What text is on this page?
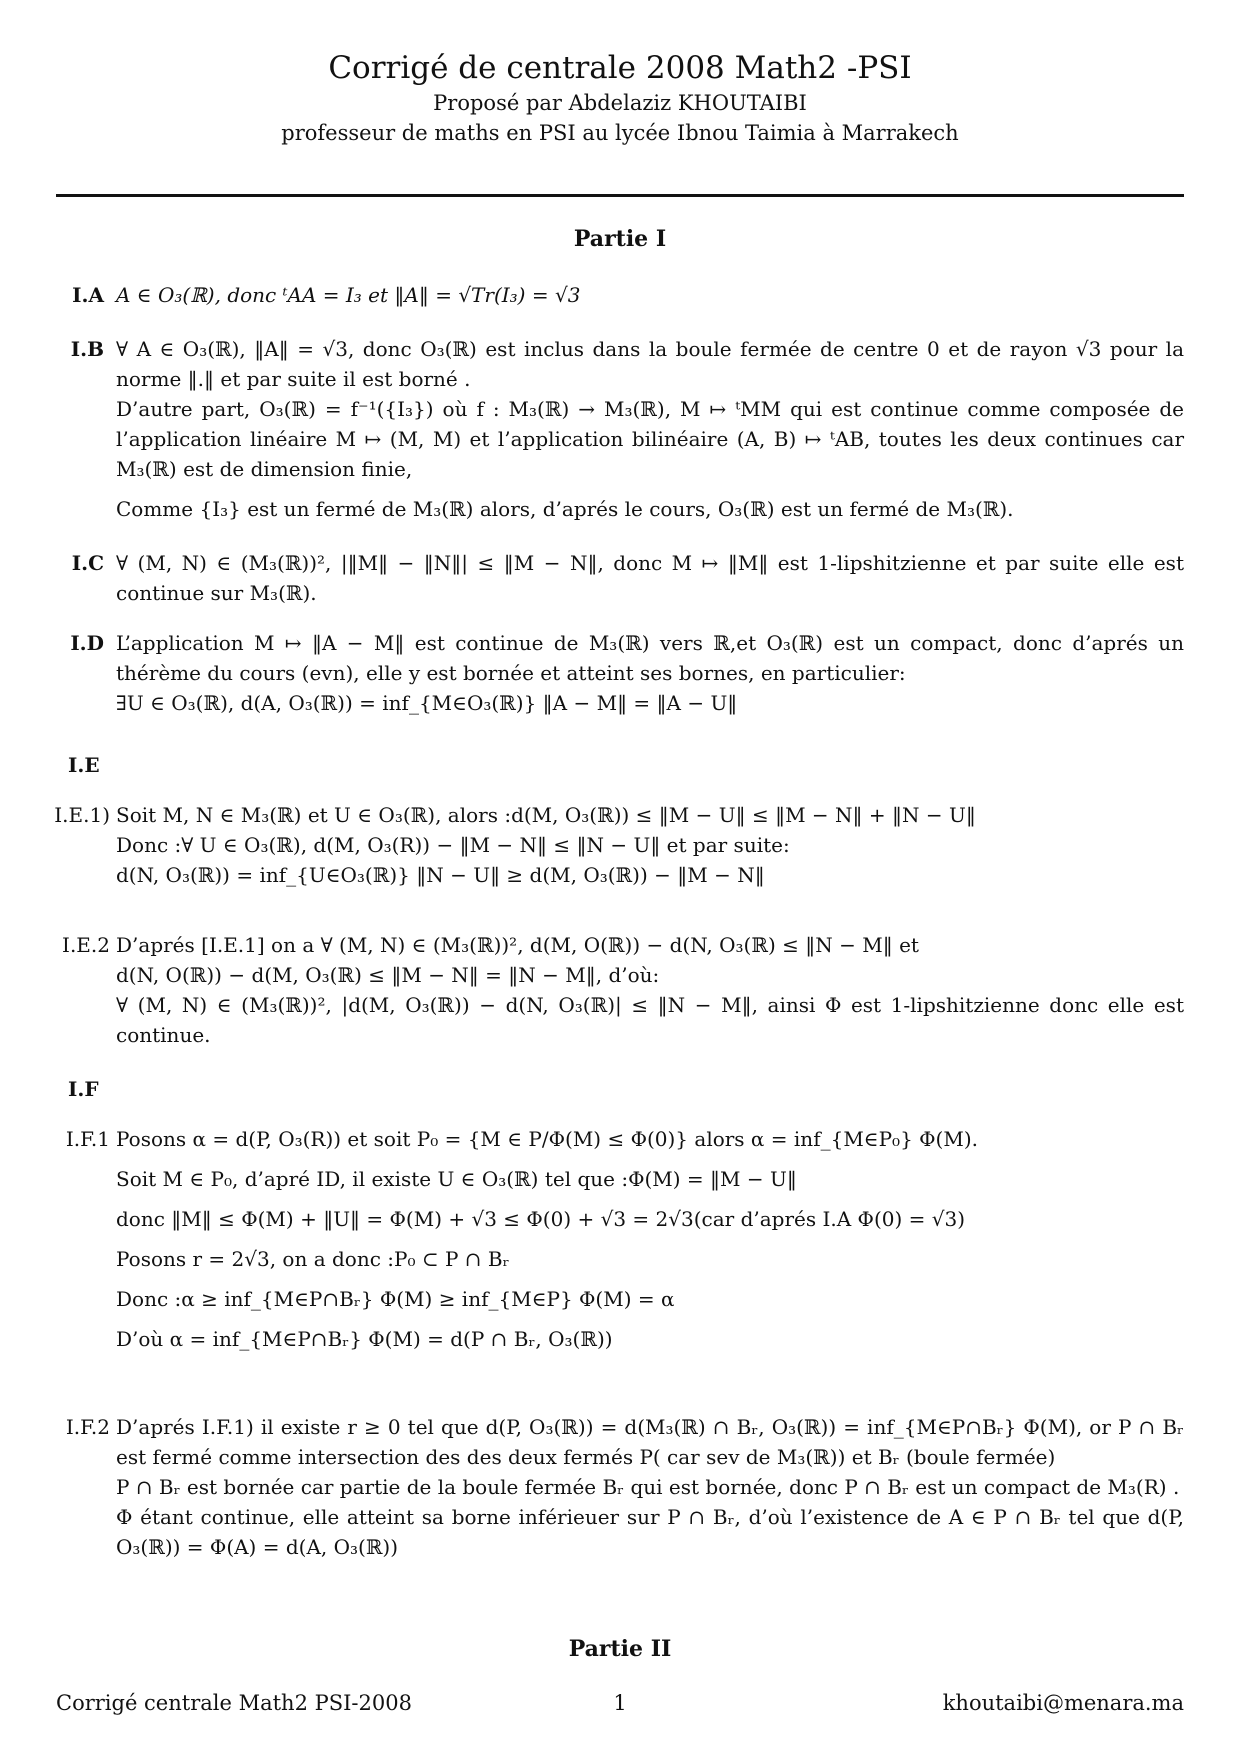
Corrigé de centrale 2008 Math2 -PSI
Proposé par Abdelaziz KHOUTAIBI
professeur de maths en PSI au lycée Ibnou Taimia à Marrakech
Partie I
I.A A ∈ O₃(ℝ), donc ᵗAA = I₃ et ‖A‖ = √Tr(I₃) = √3

I.B ∀ A ∈ O₃(ℝ), ‖A‖ = √3, donc O₃(ℝ) est inclus dans la boule fermée de centre 0 et de rayon √3 pour la norme ‖.‖ et par suite il est borné .

D’autre part, O₃(ℝ) = f⁻¹({I₃}) où f : M₃(ℝ) → M₃(ℝ), M ↦ ᵗMM qui est continue comme composée de l’application linéaire M ↦ (M, M) et l’application bilinéaire (A, B) ↦ ᵗAB, toutes les deux continues car M₃(ℝ) est de dimension finie,

Comme {I₃} est un fermé de M₃(ℝ) alors, d’aprés le cours, O₃(ℝ) est un fermé de M₃(ℝ).

I.C ∀ (M, N) ∈ (M₃(ℝ))², |‖M‖ − ‖N‖| ≤ ‖M − N‖, donc M ↦ ‖M‖ est 1-lipshitzienne et par suite elle est continue sur M₃(ℝ).

I.D L’application M ↦ ‖A − M‖ est continue de M₃(ℝ) vers ℝ,et O₃(ℝ) est un compact, donc d’aprés un thérème du cours (evn), elle y est bornée et atteint ses bornes, en particulier:

∃U ∈ O₃(ℝ), d(A, O₃(ℝ)) = inf_{M∈O₃(ℝ)} ‖A − M‖ = ‖A − U‖

I.E
I.E.1) Soit M, N ∈ M₃(ℝ) et U ∈ O₃(ℝ), alors :d(M, O₃(ℝ)) ≤ ‖M − U‖ ≤ ‖M − N‖ + ‖N − U‖

Donc :∀ U ∈ O₃(ℝ), d(M, O₃(R)) − ‖M − N‖ ≤ ‖N − U‖ et par suite:

d(N, O₃(ℝ)) = inf_{U∈O₃(ℝ)} ‖N − U‖ ≥ d(M, O₃(ℝ)) − ‖M − N‖

I.E.2 D’aprés [I.E.1] on a ∀ (M, N) ∈ (M₃(ℝ))², d(M, O(ℝ)) − d(N, O₃(ℝ) ≤ ‖N − M‖ et

d(N, O(ℝ)) − d(M, O₃(ℝ) ≤ ‖M − N‖ = ‖N − M‖, d’où:

∀ (M, N) ∈ (M₃(ℝ))², |d(M, O₃(ℝ)) − d(N, O₃(ℝ)| ≤ ‖N − M‖, ainsi Φ est 1-lipshitzienne donc elle est continue.

I.F
I.F.1 Posons α = d(P, O₃(R)) et soit P₀ = {M ∈ P/Φ(M) ≤ Φ(0)} alors α = inf_{M∈P₀} Φ(M).

Soit M ∈ P₀, d’apré ID, il existe U ∈ O₃(ℝ) tel que :Φ(M) = ‖M − U‖

donc ‖M‖ ≤ Φ(M) + ‖U‖ = Φ(M) + √3 ≤ Φ(0) + √3 = 2√3(car d’aprés I.A Φ(0) = √3)

Posons r = 2√3, on a donc :P₀ ⊂ P ∩ Bᵣ

Donc :α ≥ inf_{M∈P∩Bᵣ} Φ(M) ≥ inf_{M∈P} Φ(M) = α

D’où α = inf_{M∈P∩Bᵣ} Φ(M) = d(P ∩ Bᵣ, O₃(ℝ))

I.F.2 D’aprés I.F.1) il existe r ≥ 0 tel que d(P, O₃(ℝ)) = d(M₃(ℝ) ∩ Bᵣ, O₃(ℝ)) = inf_{M∈P∩Bᵣ} Φ(M), or P ∩ Bᵣ est fermé comme intersection des des deux fermés P( car sev de M₃(ℝ)) et Bᵣ (boule fermée)

P ∩ Bᵣ est bornée car partie de la boule fermée Bᵣ qui est bornée, donc P ∩ Bᵣ est un compact de M₃(R) .

Φ étant continue, elle atteint sa borne inférieuer sur P ∩ Bᵣ, d’où l’existence de A ∈ P ∩ Bᵣ tel que d(P, O₃(ℝ)) = Φ(A) = d(A, O₃(ℝ))

Partie II
Corrigé centrale Math2 PSI-2008	1	khoutaibi@menara.ma
